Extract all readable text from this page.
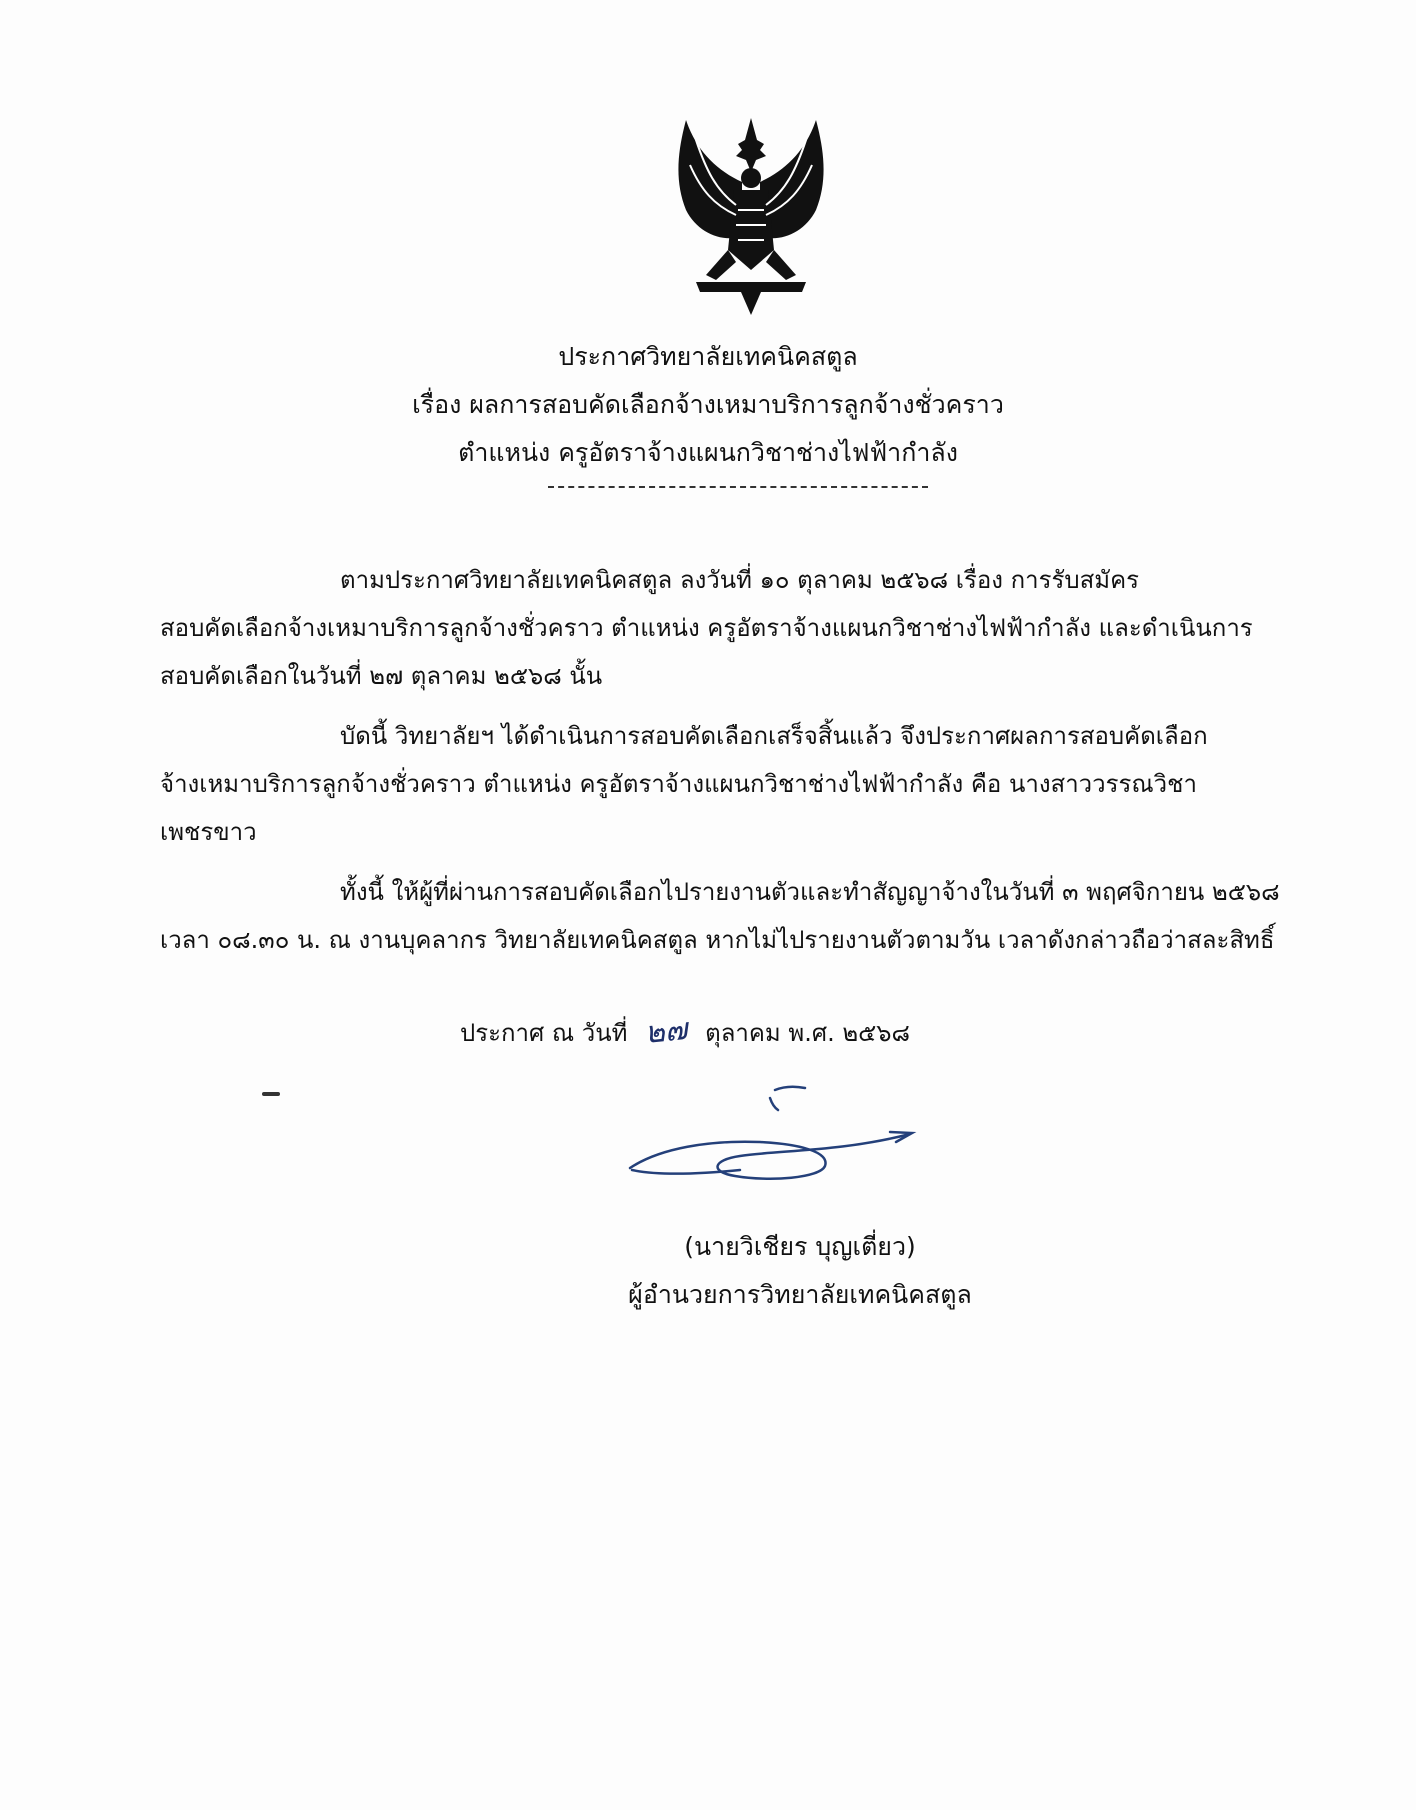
ประกาศวิทยาลัยเทคนิคสตูล
เรื่อง ผลการสอบคัดเลือกจ้างเหมาบริการลูกจ้างชั่วคราว
ตำแหน่ง ครูอัตราจ้างแผนกวิชาช่างไฟฟ้ากำลัง
ตามประกาศวิทยาลัยเทคนิคสตูล ลงวันที่ ๑๐ ตุลาคม ๒๕๖๘ เรื่อง การรับสมัคร
สอบคัดเลือกจ้างเหมาบริการลูกจ้างชั่วคราว ตำแหน่ง ครูอัตราจ้างแผนกวิชาช่างไฟฟ้ากำลัง และดำเนินการ
สอบคัดเลือกในวันที่ ๒๗ ตุลาคม ๒๕๖๘ นั้น
บัดนี้ วิทยาลัยฯ ได้ดำเนินการสอบคัดเลือกเสร็จสิ้นแล้ว จึงประกาศผลการสอบคัดเลือก
จ้างเหมาบริการลูกจ้างชั่วคราว ตำแหน่ง ครูอัตราจ้างแผนกวิชาช่างไฟฟ้ากำลัง คือ นางสาววรรณวิชา
เพชรขาว
ทั้งนี้ ให้ผู้ที่ผ่านการสอบคัดเลือกไปรายงานตัวและทำสัญญาจ้างในวันที่ ๓ พฤศจิกายน ๒๕๖๘
เวลา ๐๘.๓๐ น. ณ งานบุคลากร วิทยาลัยเทคนิคสตูล หากไม่ไปรายงานตัวตามวัน เวลาดังกล่าวถือว่าสละสิทธิ์
ประกาศ ณ วันที่ ๒๗ ตุลาคม พ.ศ. ๒๕๖๘
(นายวิเชียร บุญเตี่ยว)
ผู้อำนวยการวิทยาลัยเทคนิคสตูล
